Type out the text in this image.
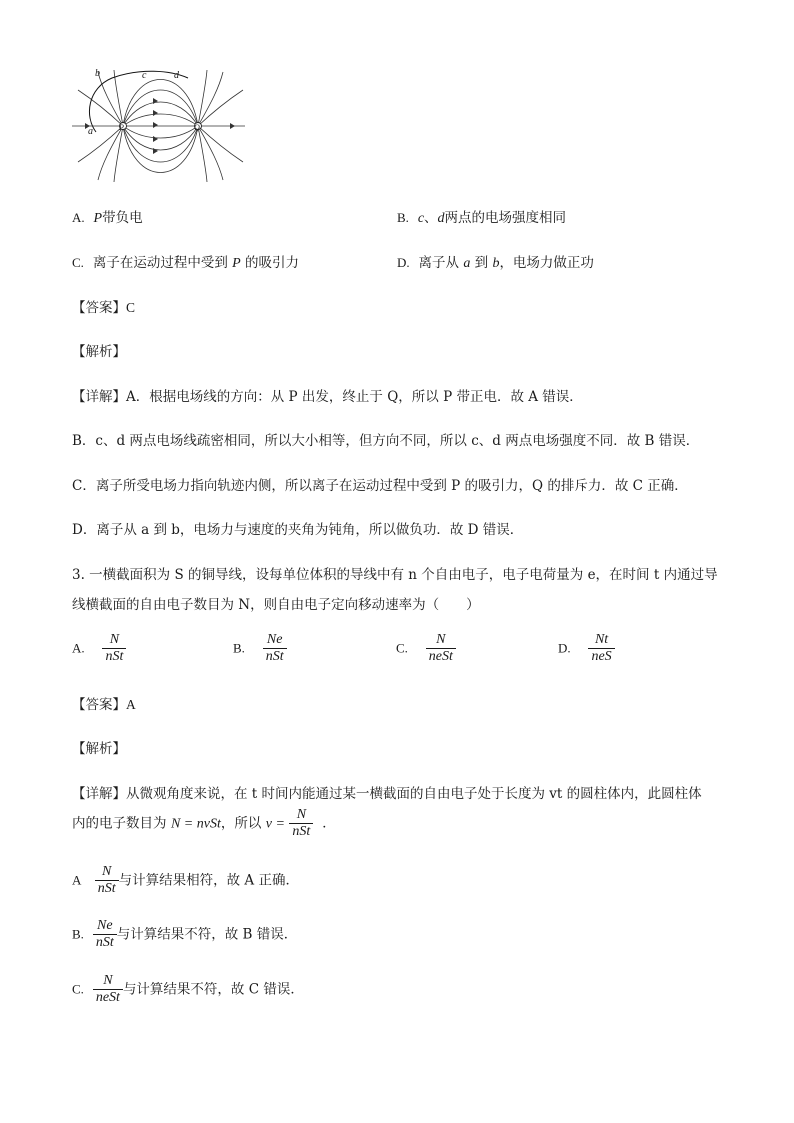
b	c	d
a	P	Q
A. P带负电	B. c、d两点的电场强度相同
C. 离子在运动过程中受到 P 的吸引力	D. 离子从 a 到 b，电场力做正功
【答案】C
【解析】
【详解】A．根据电场线的方向：从 P 出发，终止于 Q，所以 P 带正电．故 A 错误．
B．c、d 两点电场线疏密相同，所以大小相等，但方向不同，所以 c、d 两点电场强度不同．故 B 错误．
C．离子所受电场力指向轨迹内侧，所以离子在运动过程中受到 P 的吸引力，Q 的排斥力．故 C 正确．
D．离子从 a 到 b，电场力与速度的夹角为钝角，所以做负功．故 D 错误．
3. 一横截面积为 S 的铜导线，设每单位体积的导线中有 n 个自由电子，电子电荷量为 e，在时间 t 内通过导
线横截面的自由电子数目为 N，则自由电子定向移动速率为（　　）
A. $\frac{N}{\text{nSt}}$	B. $\frac{Ne}{\text{nSt}}$	C. $\frac{N}{\text{neSt}}$	D. $\frac{Nt}{\text{neS}}$
【答案】A
【解析】
【详解】从微观角度来说，在 t 时间内能通过某一横截面的自由电子处于长度为 vt 的圆柱体内，此圆柱体
内的电子数目为 N = nvSt，所以 $v = \frac{N}{\text{nSt}}$ ．
A $\frac{N}{\text{nSt}}$ 与计算结果相符，故 A 正确．
B. $\frac{Ne}{\text{nSt}}$ 与计算结果不符，故 B 错误．
C. $\frac{N}{\text{neSt}}$ 与计算结果不符，故 C 错误．
